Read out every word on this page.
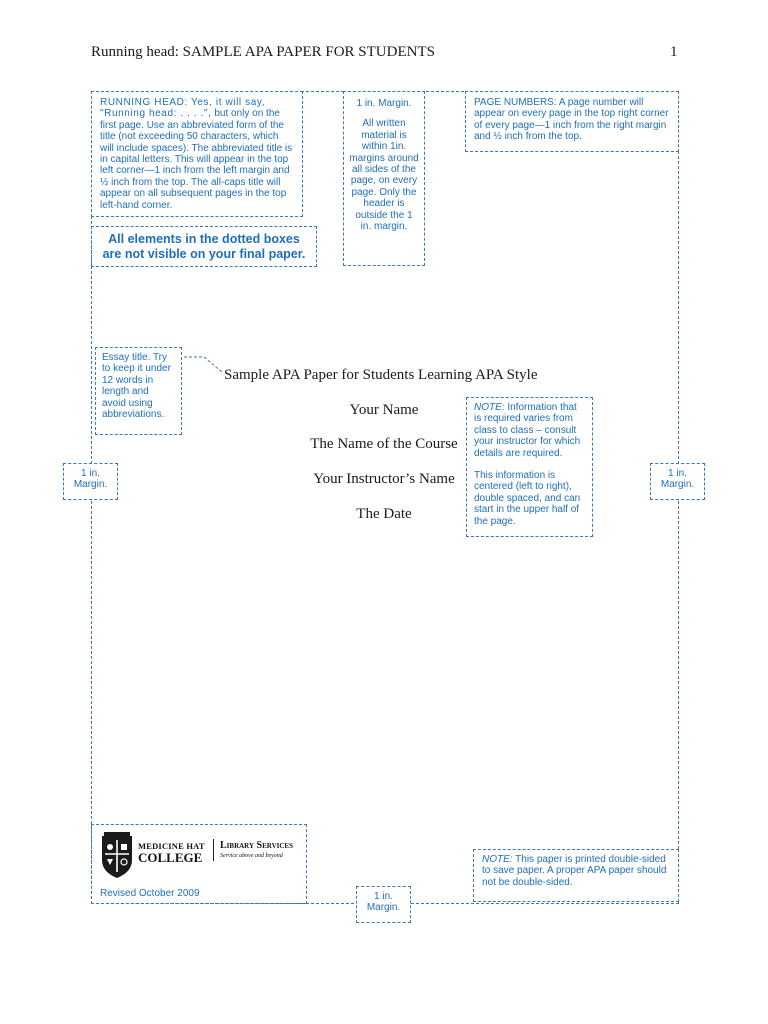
Running head: SAMPLE APA PAPER FOR STUDENTS	1
RUNNING HEAD: Yes, it will say, "Running head: . . . .", but only on the first page. Use an abbreviated form of the title (not exceeding 50 characters, which will include spaces). The abbreviated title is in capital letters. This will appear in the top left corner—1 inch from the left margin and ½ inch from the top. The all-caps title will appear on all subsequent pages in the top left-hand corner.
All elements in the dotted boxes are not visible on your final paper.
1 in. Margin.
All written material is within 1in. margins around all sides of the page, on every page. Only the header is outside the 1 in. margin.
PAGE NUMBERS: A page number will appear on every page in the top right corner of every page—1 inch from the right margin and ½ inch from the top.
Essay title. Try to keep it under 12 words in length and avoid using abbreviations.
Sample APA Paper for Students Learning APA Style
Your Name
The Name of the Course
Your Instructor’s Name
The Date
NOTE: Information that is required varies from class to class – consult your instructor for which details are required.
This information is centered (left to right), double spaced, and can start in the upper half of the page.
1 in. Margin.
1 in. Margin.
MEDICINE HAT
COLLEGE
Library Services
Service above and beyond
Revised October 2009
NOTE: This paper is printed double-sided to save paper. A proper APA paper should not be double-sided.
1 in. Margin.
